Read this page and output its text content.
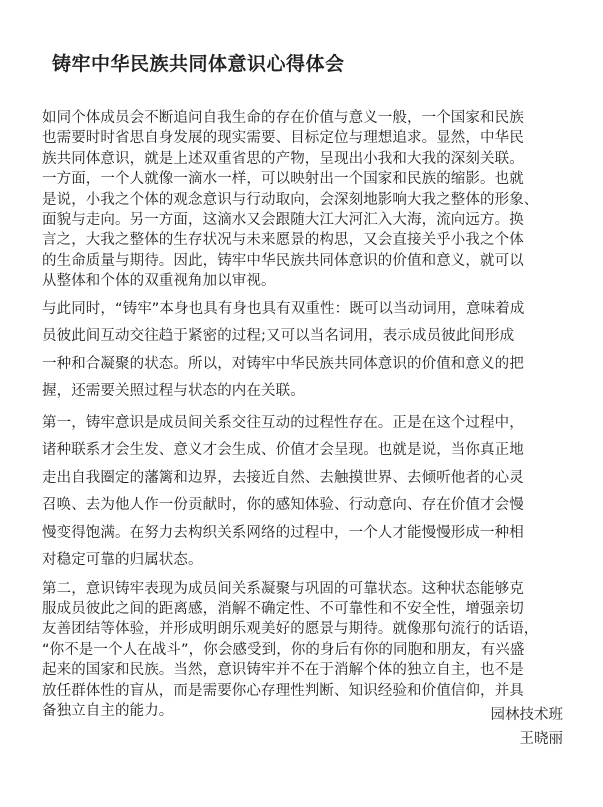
铸牢中华民族共同体意识心得体会
如同个体成员会不断追问自我生命的存在价值与意义一般，一个国家和民族
也需要时时省思自身发展的现实需要、目标定位与理想追求。显然，中华民
族共同体意识，就是上述双重省思的产物，呈现出小我和大我的深刻关联。
一方面，一个人就像一滴水一样，可以映射出一个国家和民族的缩影。也就
是说，小我之个体的观念意识与行动取向，会深刻地影响大我之整体的形象、
面貌与走向。另一方面，这滴水又会跟随大江大河汇入大海，流向远方。换
言之，大我之整体的生存状况与未来愿景的构思，又会直接关乎小我之个体
的生命质量与期待。因此，铸牢中华民族共同体意识的价值和意义，就可以
从整体和个体的双重视角加以审视。
与此同时，“铸牢”本身也具有身也具有双重性：既可以当动词用，意味着成
员彼此间互动交往趋于紧密的过程;又可以当名词用，表示成员彼此间形成
一种和合凝聚的状态。所以，对铸牢中华民族共同体意识的价值和意义的把
握，还需要关照过程与状态的内在关联。
第一，铸牢意识是成员间关系交往互动的过程性存在。正是在这个过程中，
诸种联系才会生发、意义才会生成、价值才会呈现。也就是说，当你真正地
走出自我圈定的藩篱和边界，去接近自然、去触摸世界、去倾听他者的心灵
召唤、去为他人作一份贡献时，你的感知体验、行动意向、存在价值才会慢
慢变得饱满。在努力去构织关系网络的过程中，一个人才能慢慢形成一种相
对稳定可靠的归属状态。
第二，意识铸牢表现为成员间关系凝聚与巩固的可靠状态。这种状态能够克
服成员彼此之间的距离感，消解不确定性、不可靠性和不安全性，增强亲切
友善团结等体验，并形成明朗乐观美好的愿景与期待。就像那句流行的话语，
“你不是一个人在战斗”，你会感受到，你的身后有你的同胞和朋友，有兴盛
起来的国家和民族。当然，意识铸牢并不在于消解个体的独立自主，也不是
放任群体性的盲从，而是需要你心存理性判断、知识经验和价值信仰，并具
备独立自主的能力。	园林技术班
王晓丽
